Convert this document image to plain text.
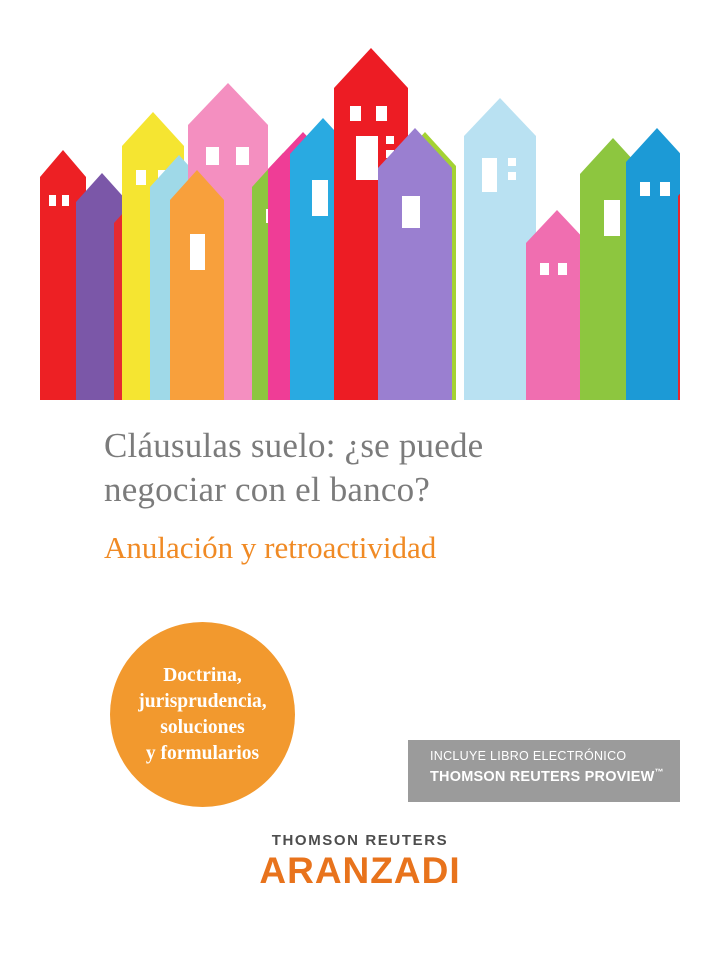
Cláusulas suelo: ¿se puede
negociar con el banco?
Anulación y retroactividad
Doctrina,
jurisprudencia,
soluciones
y formularios	INCLUYE LIBRO ELECTRÓNICO
THOMSON REUTERS PROVIEW™
THOMSON REUTERS
ARANZADI
